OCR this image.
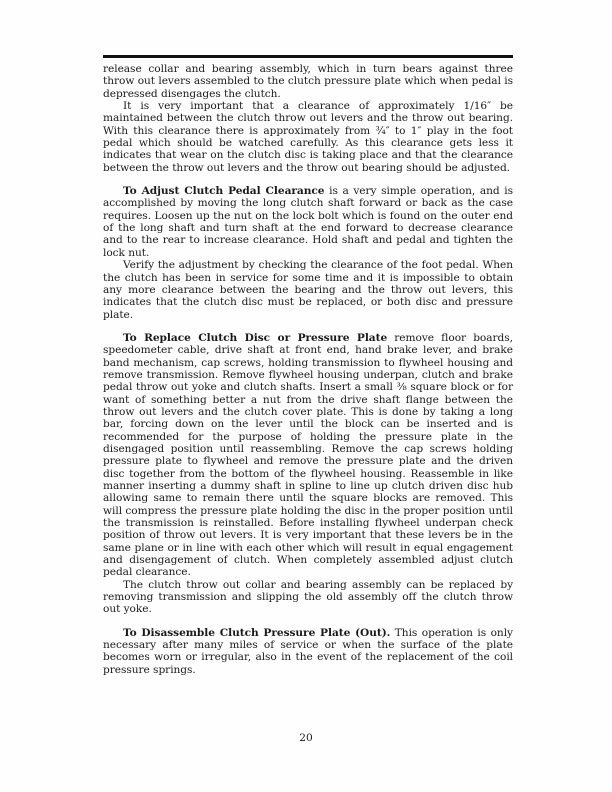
release collar and bearing assembly, which in turn bears against three throw out levers assembled to the clutch pressure plate which when pedal is depressed disengages the clutch.

It is very important that a clearance of approximately 1/16″ be maintained between the clutch throw out levers and the throw out bearing. With this clearance there is approximately from ¾″ to 1″ play in the foot pedal which should be watched carefully. As this clearance gets less it indicates that wear on the clutch disc is taking place and that the clearance between the throw out levers and the throw out bearing should be adjusted.

To Adjust Clutch Pedal Clearance is a very simple operation, and is accomplished by moving the long clutch shaft forward or back as the case requires. Loosen up the nut on the lock bolt which is found on the outer end of the long shaft and turn shaft at the end forward to decrease clearance and to the rear to increase clearance. Hold shaft and pedal and tighten the lock nut.

Verify the adjustment by checking the clearance of the foot pedal. When the clutch has been in service for some time and it is impossible to obtain any more clearance between the bearing and the throw out levers, this indicates that the clutch disc must be replaced, or both disc and pressure plate.

To Replace Clutch Disc or Pressure Plate remove floor boards, speedometer cable, drive shaft at front end, hand brake lever, and brake band mechanism, cap screws, holding transmission to flywheel housing and remove transmission. Remove flywheel housing underpan, clutch and brake pedal throw out yoke and clutch shafts. Insert a small ⅜ square block or for want of something better a nut from the drive shaft flange between the throw out levers and the clutch cover plate. This is done by taking a long bar, forcing down on the lever until the block can be inserted and is recommended for the purpose of holding the pressure plate in the disengaged position until reassembling. Remove the cap screws holding pressure plate to flywheel and remove the pressure plate and the driven disc together from the bottom of the flywheel housing. Reassemble in like manner inserting a dummy shaft in spline to line up clutch driven disc hub allowing same to remain there until the square blocks are removed. This will compress the pressure plate holding the disc in the proper position until the transmission is reinstalled. Before installing flywheel underpan check position of throw out levers. It is very important that these levers be in the same plane or in line with each other which will result in equal engagement and disengagement of clutch. When completely assembled adjust clutch pedal clearance.

The clutch throw out collar and bearing assembly can be replaced by removing transmission and slipping the old assembly off the clutch throw out yoke.

To Disassemble Clutch Pressure Plate (Out). This operation is only necessary after many miles of service or when the surface of the plate becomes worn or irregular, also in the event of the replacement of the coil pressure springs.

20
